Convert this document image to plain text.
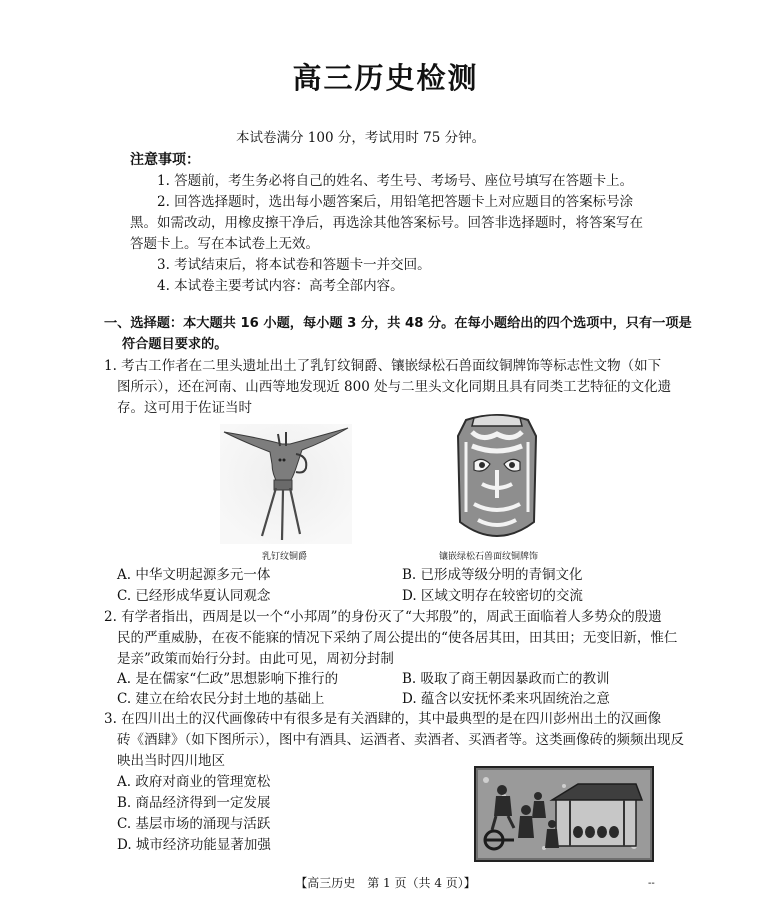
高三历史检测
本试卷满分 100 分，考试用时 75 分钟。
注意事项：
1. 答题前，考生务必将自己的姓名、考生号、考场号、座位号填写在答题卡上。
2. 回答选择题时，选出每小题答案后，用铅笔把答题卡上对应题目的答案标号涂
黑。如需改动，用橡皮擦干净后，再选涂其他答案标号。回答非选择题时，将答案写在
答题卡上。写在本试卷上无效。
3. 考试结束后，将本试卷和答题卡一并交回。
4. 本试卷主要考试内容：高考全部内容。
一、选择题：本大题共 16 小题，每小题 3 分，共 48 分。在每小题给出的四个选项中，只有一项是
符合题目要求的。
1. 考古工作者在二里头遗址出土了乳钉纹铜爵、镶嵌绿松石兽面纹铜牌饰等标志性文物（如下
图所示），还在河南、山西等地发现近 800 处与二里头文化同期且具有同类工艺特征的文化遗
存。这可用于佐证当时
乳钉纹铜爵	镶嵌绿松石兽面纹铜牌饰
A. 中华文明起源多元一体	B. 已形成等级分明的青铜文化
C. 已经形成华夏认同观念	D. 区域文明存在较密切的交流
2. 有学者指出，西周是以一个“小邦周”的身份灭了“大邦殷”的，周武王面临着人多势众的殷遗
民的严重威胁，在夜不能寐的情况下采纳了周公提出的“使各居其田，田其田；无变旧新，惟仁
是亲”政策而始行分封。由此可见，周初分封制
A. 是在儒家“仁政”思想影响下推行的	B. 吸取了商王朝因暴政而亡的教训
C. 建立在给农民分封土地的基础上	D. 蕴含以安抚怀柔来巩固统治之意
3. 在四川出土的汉代画像砖中有很多是有关酒肆的，其中最典型的是在四川彭州出土的汉画像
砖《酒肆》（如下图所示），图中有酒具、运酒者、卖酒者、买酒者等。这类画像砖的频频出现反
映出当时四川地区
A. 政府对商业的管理宽松
B. 商品经济得到一定发展
C. 基层市场的涌现与活跃
D. 城市经济功能显著加强
【高三历史　第 1 页（共 4 页）】	--
